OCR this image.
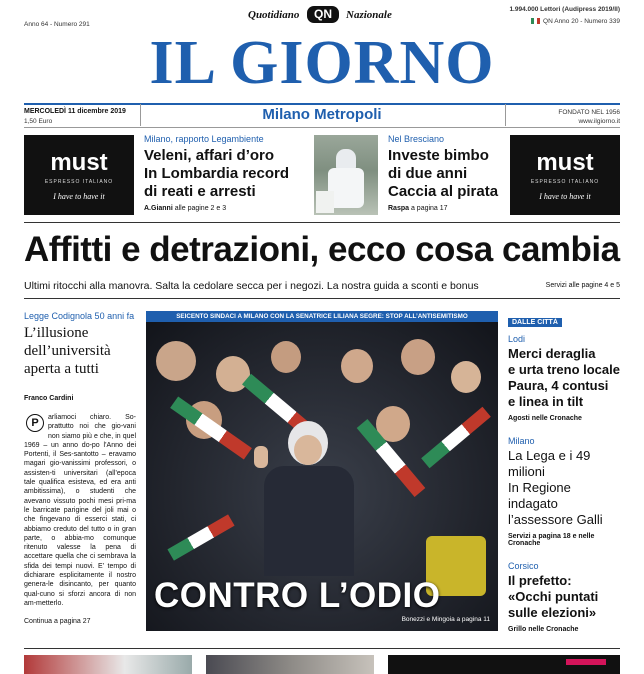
Quotidiano	QN	Nazionale
Anno 64 - Numero 291
1.994.000 Lettori (Audipress 2019/II)
QN Anno 20 - Numero 339
IL GIORNO
MERCOLEDÌ 11 dicembre 2019
1,50 Euro	Milano Metropoli	FONDATO NEL 1956
www.ilgiorno.it
must
ESPRESSO ITALIANO
I have to have it
must
ESPRESSO ITALIANO
I have to have it
Milano, rapporto Legambiente
Veleni, affari d’oro
In Lombardia record
di reati e arresti
A.Gianni alle pagine 2 e 3
Nel Bresciano
Investe bimbo
di due anni
Caccia al pirata
Raspa a pagina 17
Affitti e detrazioni, ecco cosa cambia
Ultimi ritocchi alla manovra. Salta la cedolare secca per i negozi. La nostra guida a sconti e bonus	Servizi alle pagine 4 e 5
Legge Codignola 50 anni fa
L’illusione
dell’università
aperta a tutti
Franco Cardini
P	arliamoci chiaro. So- prattutto noi che gio-vani non siamo più e che, in quel 1969 – un anno do-po l’Anno dei Portenti, il Ses-santotto – eravamo magari gio-vanissimi professori, o assisten-ti universitari (all’epoca tale qualifica esisteva, ed era anti ambitissima), o studenti che avevano vissuto pochi mesi pri-ma le barricate parigine del joli mai o che fingevano di esserci stati, ci abbiamo creduto del tutto o in gran parte, o abbia-mo comunque ritenuto valesse la pena di accettare quella che ci sembrava la sfida dei tempi nuovi. E’ tempo di dichiarare esplicitamente il nostro genera-le disincanto, per quanto qual-cuno si sforzi ancora di non am-metterlo.
Continua a pagina 27
SEICENTO SINDACI A MILANO CON LA SENATRICE LILIANA SEGRE: STOP ALL’ANTISEMITISMO
CONTRO L’ODIO
Bonezzi e Mingoia a pagina 11
DALLE CITTÀ
Lodi
Merci deraglia
e urta treno locale
Paura, 4 contusi
e linea in tilt
Agosti nelle Cronache
Milano
La Lega e i 49 milioni
In Regione indagato
l’assessore Galli
Servizi a pagina 18 e nelle Cronache
Corsico
Il prefetto:
«Occhi puntati
sulle elezioni»
Grillo nelle Cronache
